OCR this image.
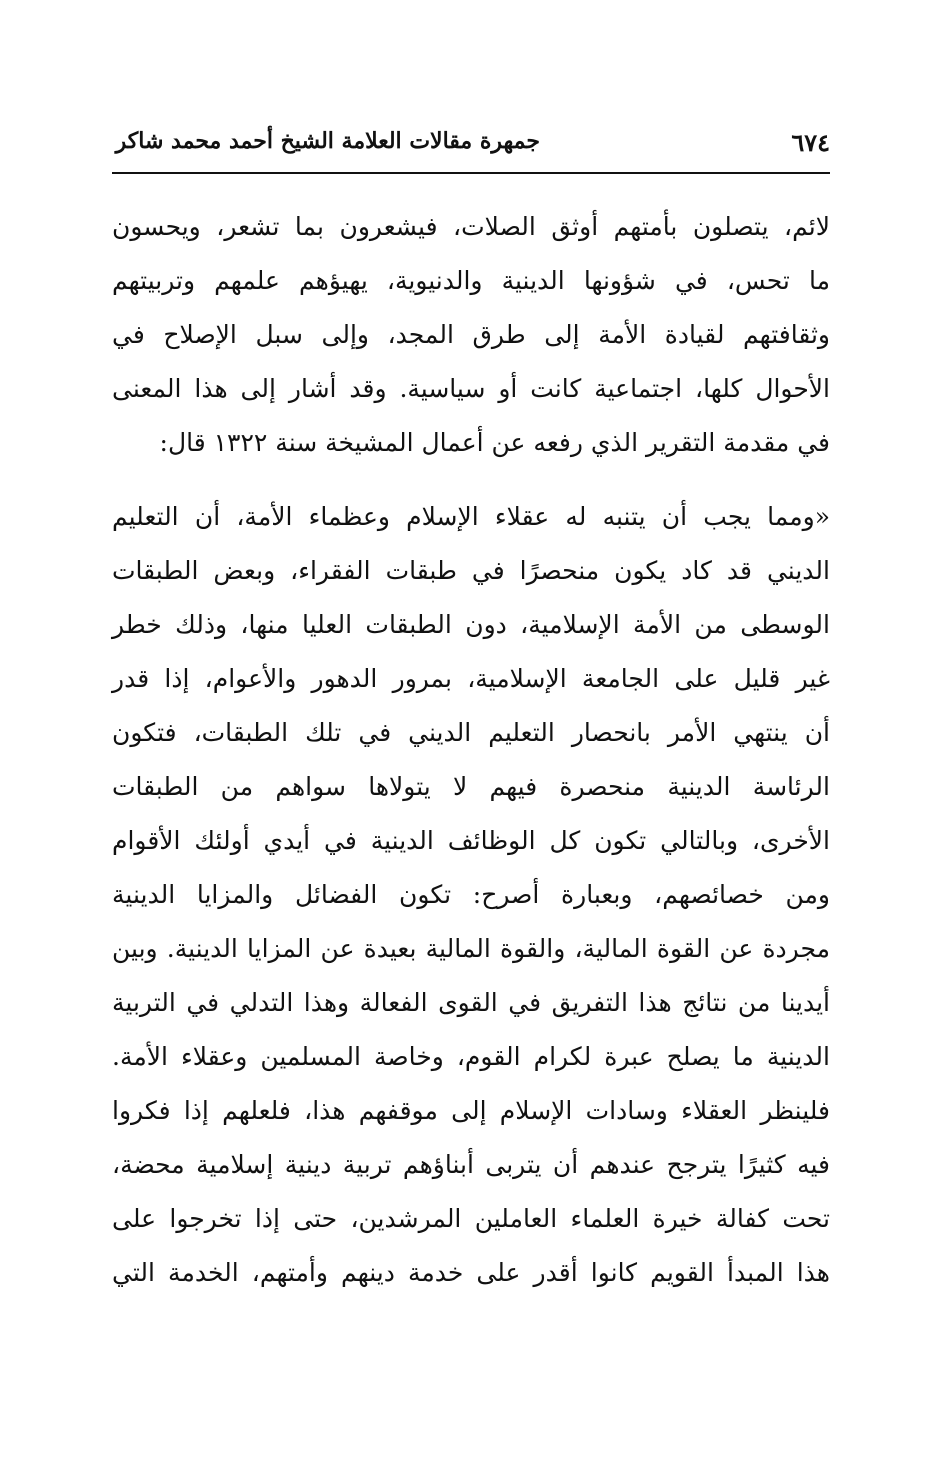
٦٧٤
جمهرة مقالات العلامة الشيخ أحمد محمد شاكر
لائم، يتصلون بأمتهم أوثق الصلات، فيشعرون بما تشعر، ويحسون
ما تحس، في شؤونها الدينية والدنيوية، يهيؤهم علمهم وتربيتهم
وثقافتهم لقيادة الأمة إلى طرق المجد، وإلى سبل الإصلاح في
الأحوال كلها، اجتماعية كانت أو سياسية. وقد أشار إلى هذا المعنى
في مقدمة التقرير الذي رفعه عن أعمال المشيخة سنة ١٣٢٢ قال:
«ومما يجب أن يتنبه له عقلاء الإسلام وعظماء الأمة، أن التعليم
الديني قد كاد يكون منحصرًا في طبقات الفقراء، وبعض الطبقات
الوسطى من الأمة الإسلامية، دون الطبقات العليا منها، وذلك خطر
غير قليل على الجامعة الإسلامية، بمرور الدهور والأعوام، إذا قدر
أن ينتهي الأمر بانحصار التعليم الديني في تلك الطبقات، فتكون
الرئاسة الدينية منحصرة فيهم لا يتولاها سواهم من الطبقات
الأخرى، وبالتالي تكون كل الوظائف الدينية في أيدي أولئك الأقوام
ومن خصائصهم، وبعبارة أصرح: تكون الفضائل والمزايا الدينية
مجردة عن القوة المالية، والقوة المالية بعيدة عن المزايا الدينية. وبين
أيدينا من نتائج هذا التفريق في القوى الفعالة وهذا التدلي في التربية
الدينية ما يصلح عبرة لكرام القوم، وخاصة المسلمين وعقلاء الأمة.
فلينظر العقلاء وسادات الإسلام إلى موقفهم هذا، فلعلهم إذا فكروا
فيه كثيرًا يترجح عندهم أن يتربى أبناؤهم تربية دينية إسلامية محضة،
تحت كفالة خيرة العلماء العاملين المرشدين، حتى إذا تخرجوا على
هذا المبدأ القويم كانوا أقدر على خدمة دينهم وأمتهم، الخدمة التي
